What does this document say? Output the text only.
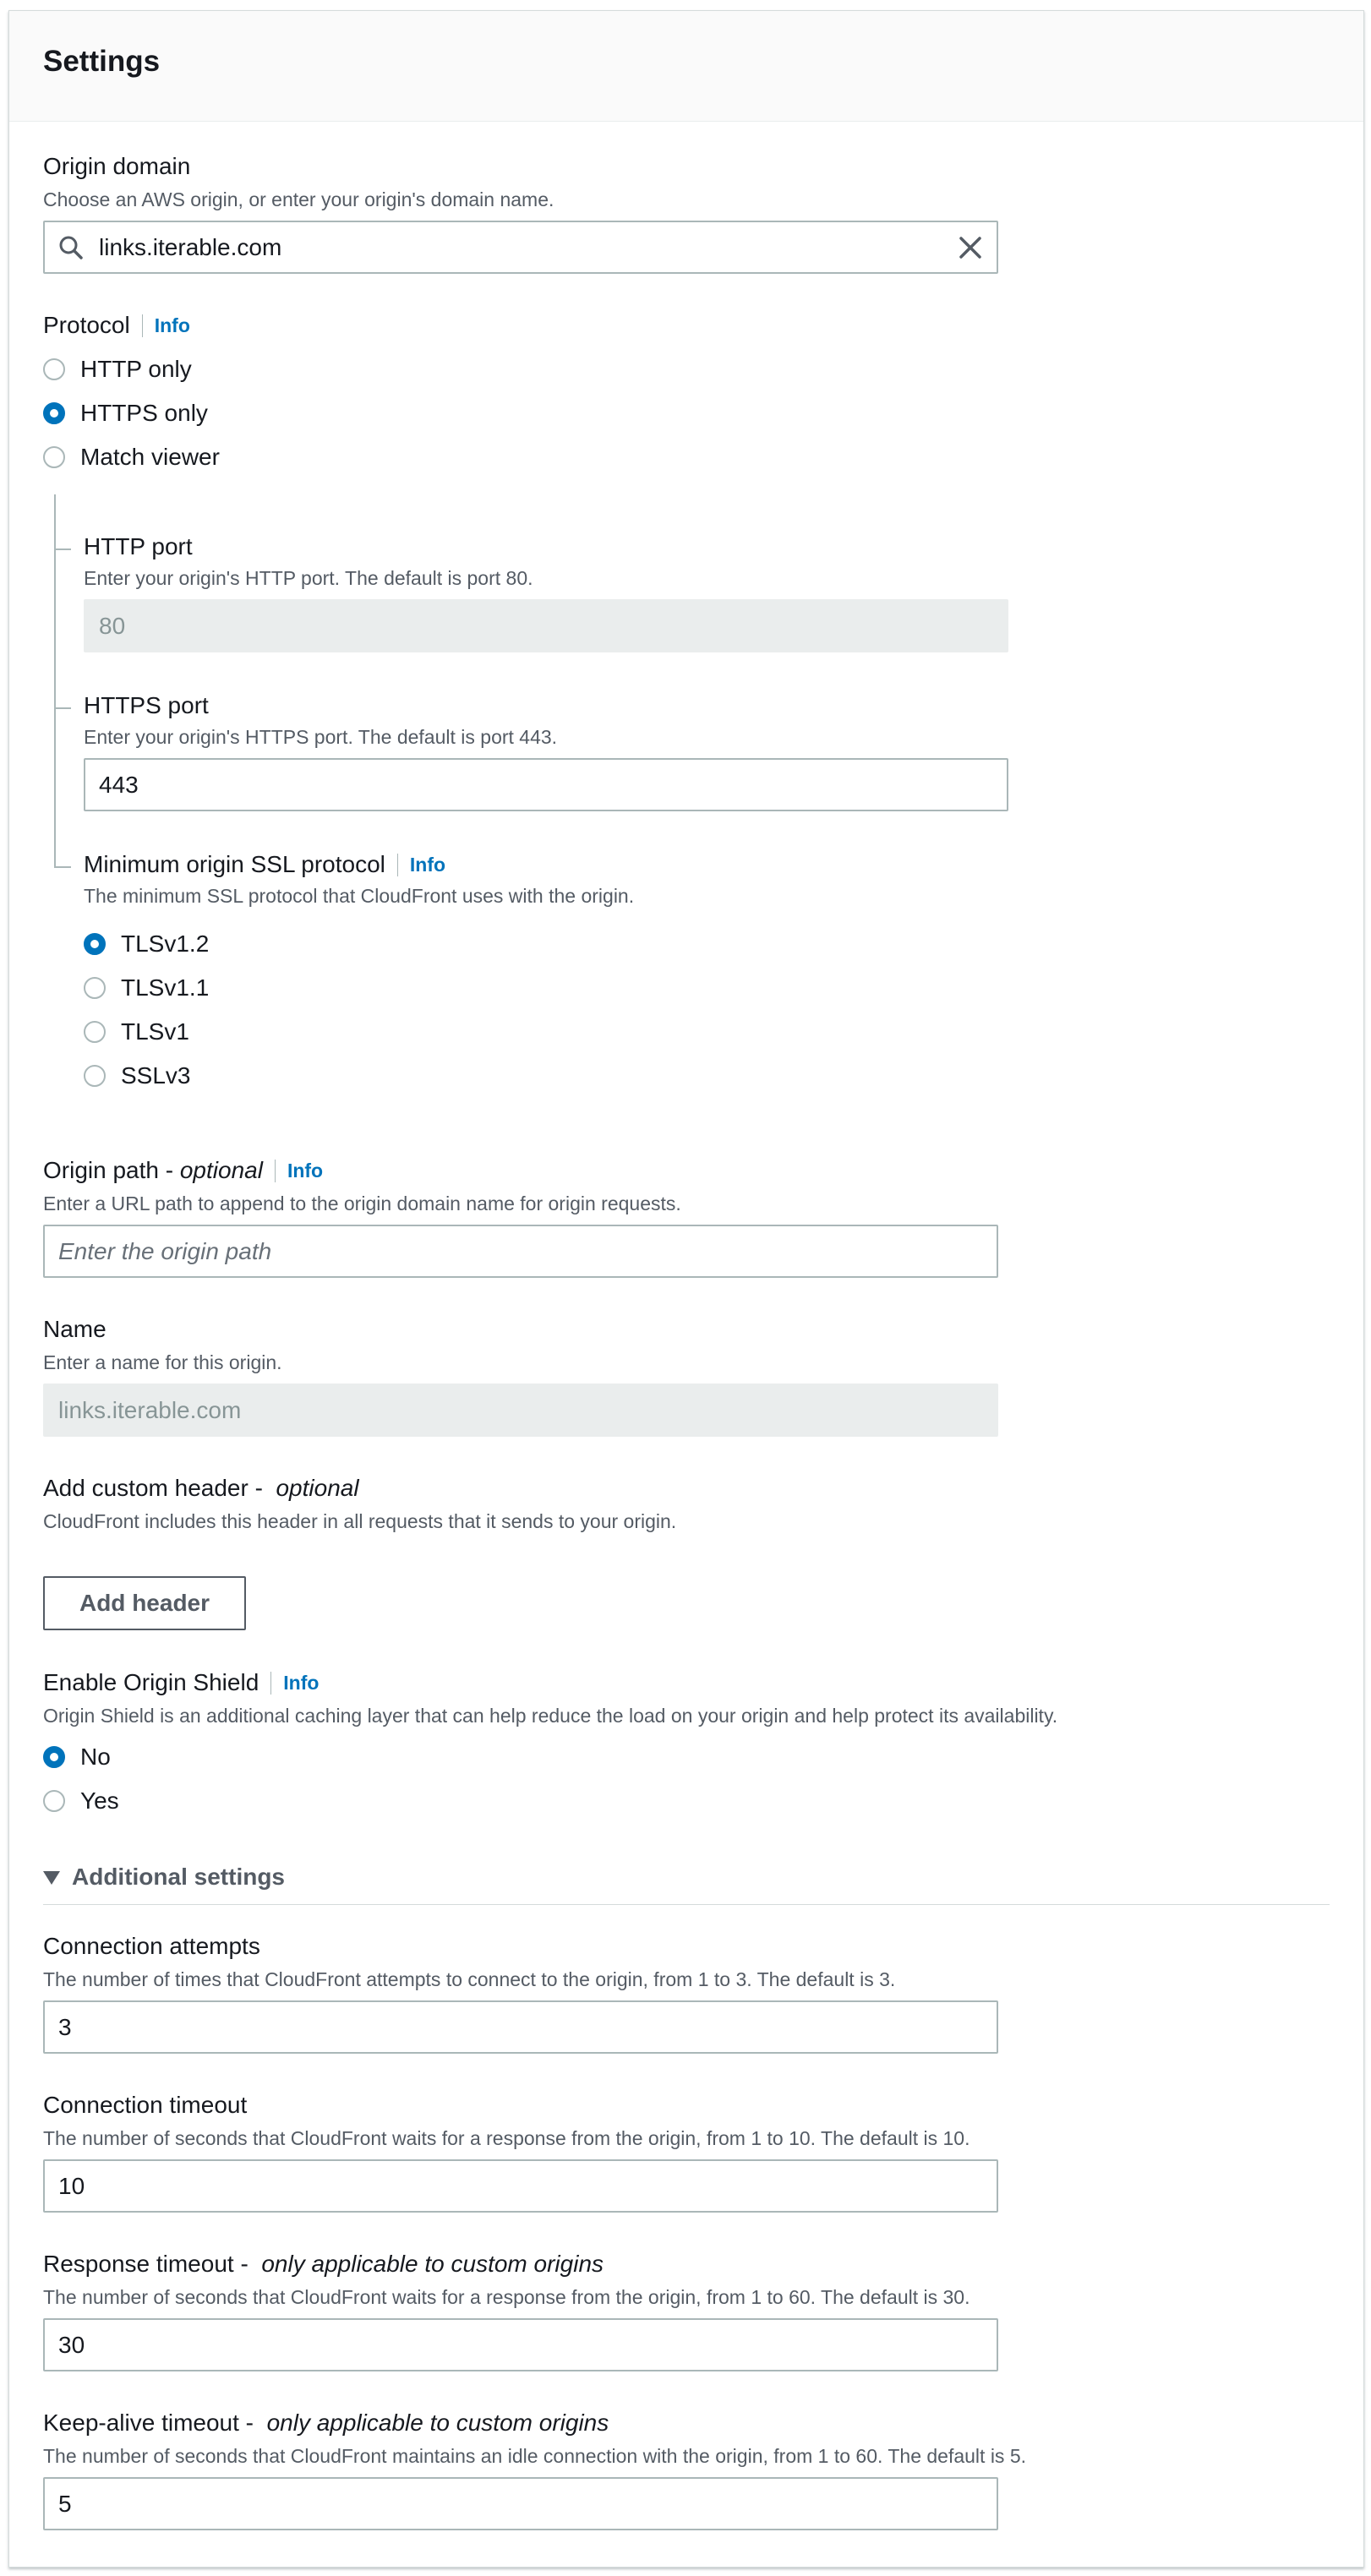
Settings
Origin domain
Choose an AWS origin, or enter your origin's domain name.
links.iterable.com
Protocol	Info
HTTP only
HTTPS only
Match viewer
HTTP port
Enter your origin's HTTP port. The default is port 80.
80
HTTPS port
Enter your origin's HTTPS port. The default is port 443.
443
Minimum origin SSL protocol	Info
The minimum SSL protocol that CloudFront uses with the origin.
TLSv1.2
TLSv1.1
TLSv1
SSLv3
Origin path -
optional	Info
Enter a URL path to append to the origin domain name for origin requests.
Enter the origin path
Name
Enter a name for this origin.
links.iterable.com
Add custom header -  optional
CloudFront includes this header in all requests that it sends to your origin.
Add header
Enable Origin Shield	Info
Origin Shield is an additional caching layer that can help reduce the load on your origin and help protect its availability.
No
Yes
Additional settings
Connection attempts
The number of times that CloudFront attempts to connect to the origin, from 1 to 3. The default is 3.
3
Connection timeout
The number of seconds that CloudFront waits for a response from the origin, from 1 to 10. The default is 10.
10
Response timeout -  only applicable to custom origins
The number of seconds that CloudFront waits for a response from the origin, from 1 to 60. The default is 30.
30
Keep-alive timeout -  only applicable to custom origins
The number of seconds that CloudFront maintains an idle connection with the origin, from 1 to 60. The default is 5.
5
